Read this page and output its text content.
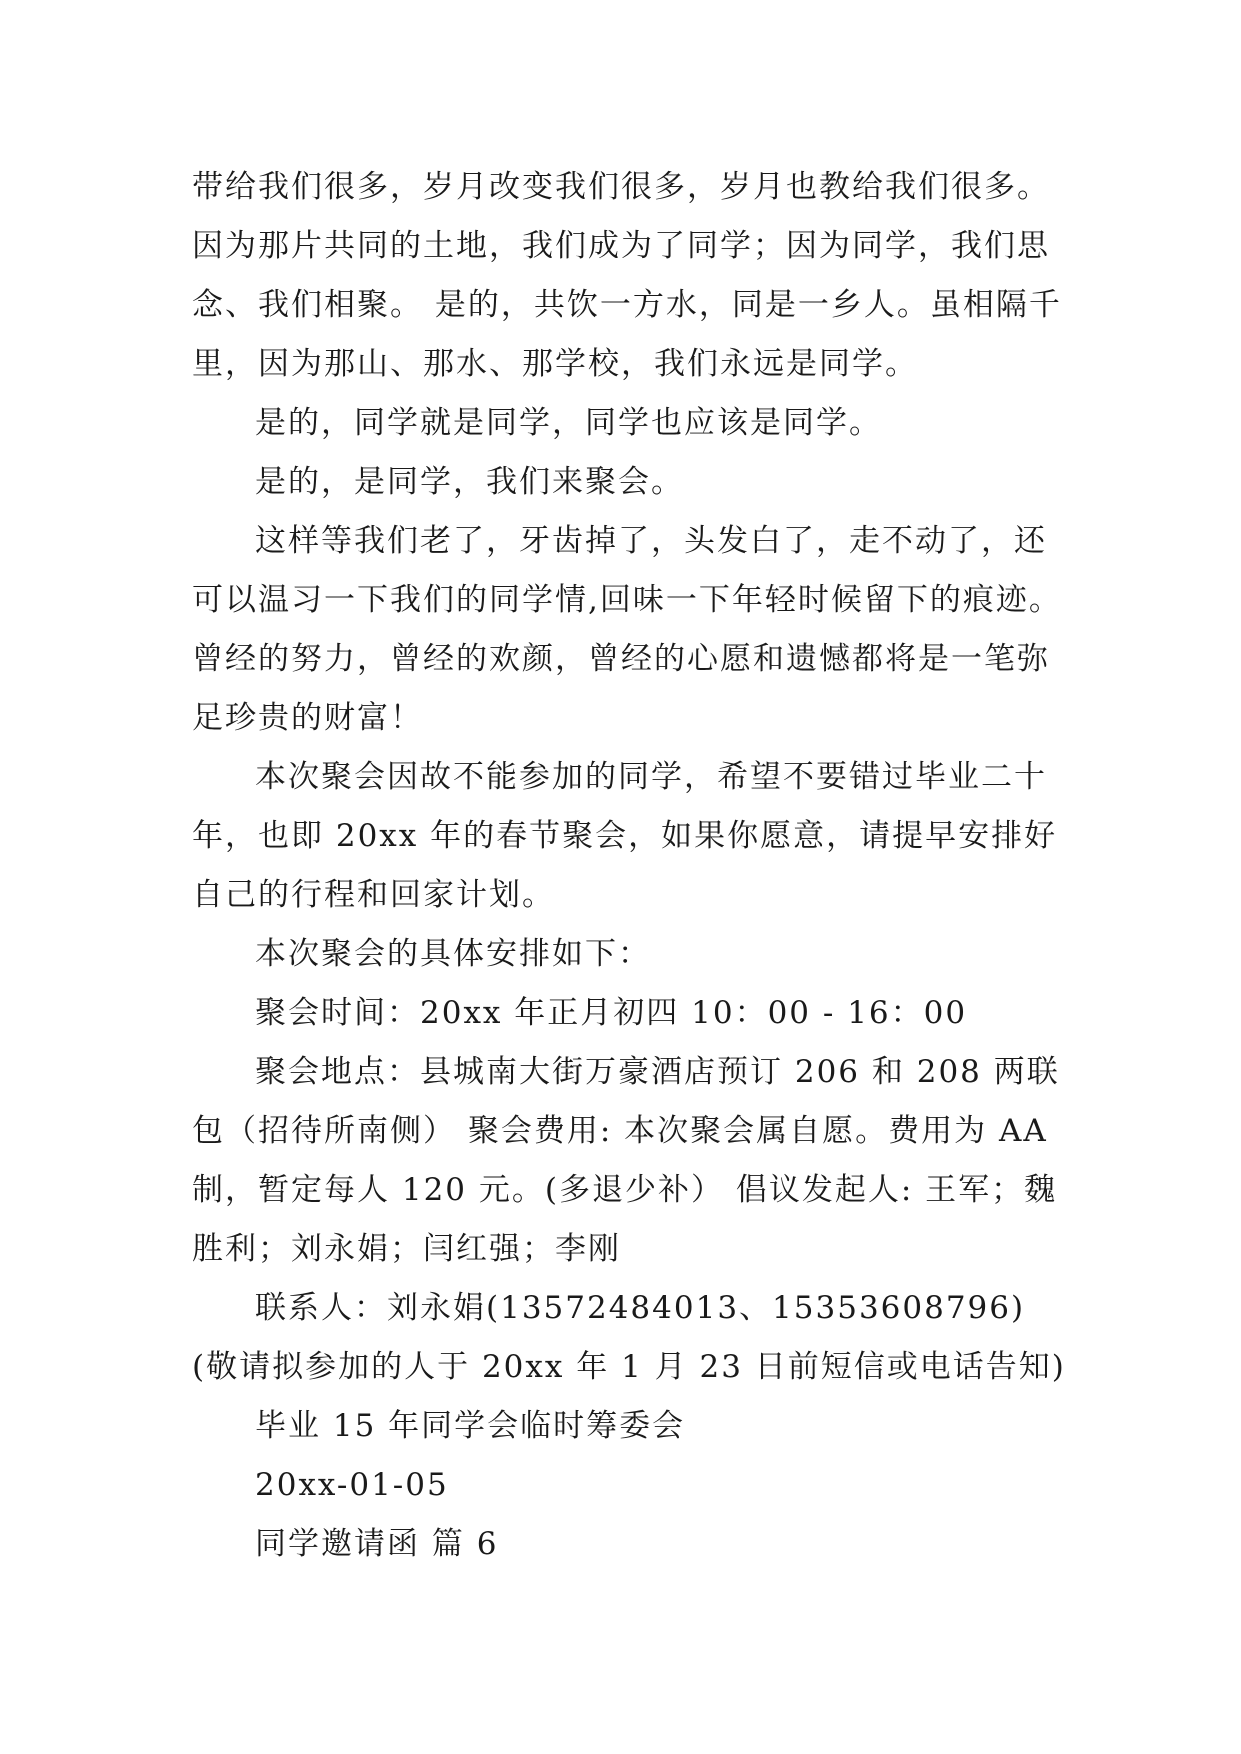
带给我们很多，岁月改变我们很多，岁月也教给我们很多。因为那片共同的土地，我们成为了同学；因为同学，我们思念、我们相聚。 是的，共饮一方水，同是一乡人。虽相隔千里，因为那山、那水、那学校，我们永远是同学。

是的，同学就是同学，同学也应该是同学。

是的，是同学，我们来聚会。

这样等我们老了，牙齿掉了，头发白了，走不动了，还可以温习一下我们的同学情,回味一下年轻时候留下的痕迹。曾经的努力，曾经的欢颜，曾经的心愿和遗憾都将是一笔弥足珍贵的财富！

本次聚会因故不能参加的同学，希望不要错过毕业二十年，也即 20xx 年的春节聚会，如果你愿意，请提早安排好自己的行程和回家计划。

本次聚会的具体安排如下：

聚会时间：20xx 年正月初四 10：00 - 16：00

聚会地点：县城南大街万豪酒店预订 206 和 208 两联包（招待所南侧） 聚会费用: 本次聚会属自愿。费用为 AA 制，暂定每人 120 元。(多退少补） 倡议发起人: 王军；魏胜利；刘永娟；闫红强；李刚

联系人：刘永娟(13572484013、15353608796)(敬请拟参加的人于 20xx 年 1 月 23 日前短信或电话告知)

毕业 15 年同学会临时筹委会

20xx-01-05

同学邀请函 篇 6
